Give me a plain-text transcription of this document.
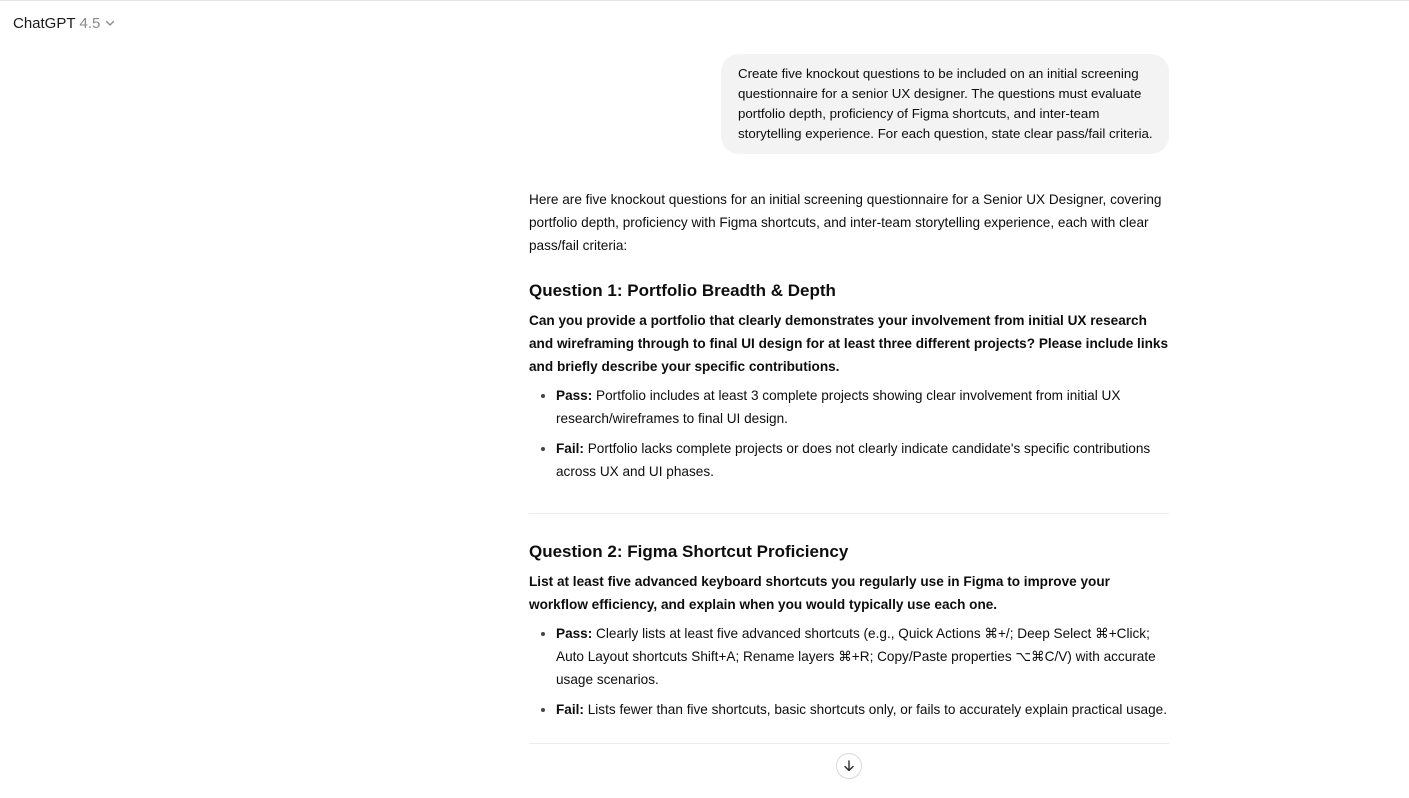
ChatGPT 4.5
Create five knockout questions to be included on an initial screening questionnaire for a senior UX designer. The questions must evaluate portfolio depth, proficiency of Figma shortcuts, and inter-team storytelling experience. For each question, state clear pass/fail criteria.

Here are five knockout questions for an initial screening questionnaire for a Senior UX Designer, covering portfolio depth, proficiency with Figma shortcuts, and inter-team storytelling experience, each with clear pass/fail criteria:

Question 1: Portfolio Breadth & Depth

Can you provide a portfolio that clearly demonstrates your involvement from initial UX research and wireframing through to final UI design for at least three different projects? Please include links and briefly describe your specific contributions.

• Pass: Portfolio includes at least 3 complete projects showing clear involvement from initial UX research/wireframes to final UI design.
• Fail: Portfolio lacks complete projects or does not clearly indicate candidate's specific contributions across UX and UI phases.
Question 2: Figma Shortcut Proficiency

List at least five advanced keyboard shortcuts you regularly use in Figma to improve your workflow efficiency, and explain when you would typically use each one.

• Pass: Clearly lists at least five advanced shortcuts (e.g., Quick Actions ⌘+/; Deep Select ⌘+Click; Auto Layout shortcuts Shift+A; Rename layers ⌘+R; Copy/Paste properties ⌥⌘C/V) with accurate usage scenarios.
• Fail: Lists fewer than five shortcuts, basic shortcuts only, or fails to accurately explain practical usage.
